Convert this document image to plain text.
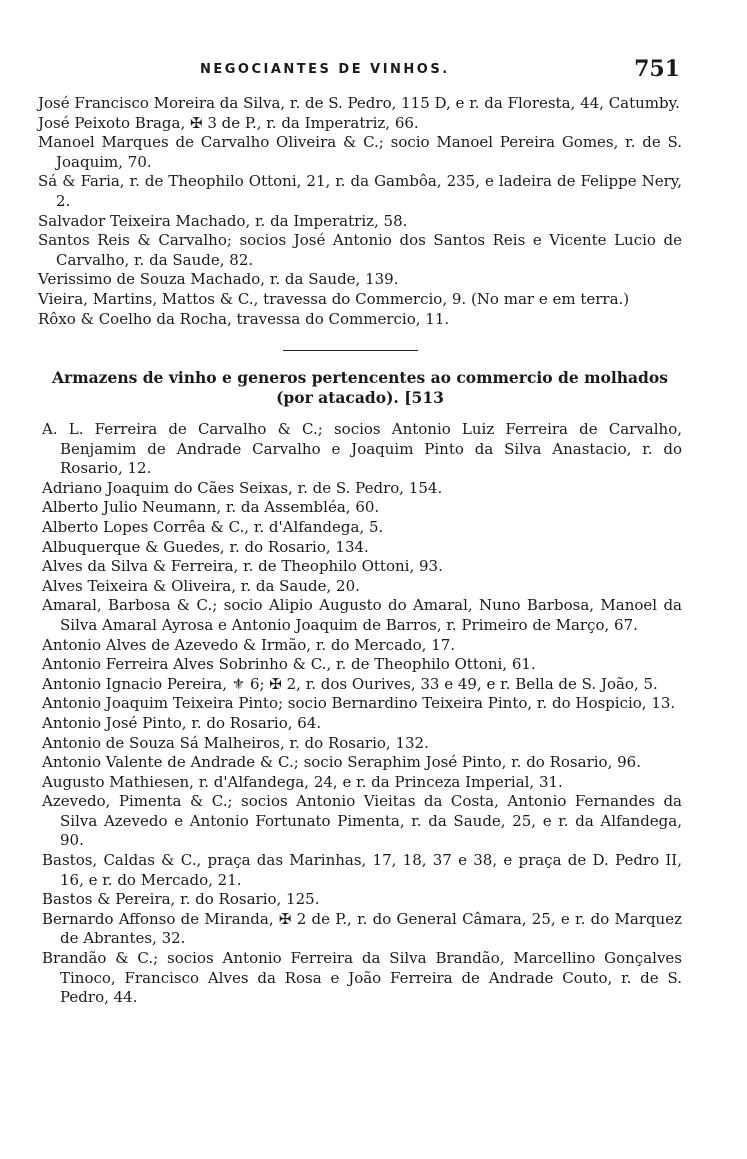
NEGOCIANTES DE VINHOS.	751

José Francisco Moreira da Silva, r. de S. Pedro, 115 D, e r. da Floresta, 44, Catumby.

José Peixoto Braga, ✠ 3 de P., r. da Imperatriz, 66.

Manoel Marques de Carvalho Oliveira & C.; socio Manoel Pereira Gomes, r. de S. Joaquim, 70.

Sá & Faria, r. de Theophilo Ottoni, 21, r. da Gambôa, 235, e ladeira de Felippe Nery, 2.

Salvador Teixeira Machado, r. da Imperatriz, 58.

Santos Reis & Carvalho; socios José Antonio dos Santos Reis e Vicente Lucio de Carvalho, r. da Saude, 82.

Verissimo de Souza Machado, r. da Saude, 139.

Vieira, Martins, Mattos & C., travessa do Commercio, 9. (No mar e em terra.)

Rôxo & Coelho da Rocha, travessa do Commercio, 11.

Armazens de vinho e generos pertencentes ao commercio de molhados
(por atacado). [513

A. L. Ferreira de Carvalho & C.; socios Antonio Luiz Ferreira de Carvalho, Benjamim de Andrade Carvalho e Joaquim Pinto da Silva Anastacio, r. do Rosario, 12.

Adriano Joaquim do Cães Seixas, r. de S. Pedro, 154.

Alberto Julio Neumann, r. da Assembléa, 60.

Alberto Lopes Corrêa & C., r. d'Alfandega, 5.

Albuquerque & Guedes, r. do Rosario, 134.

Alves da Silva & Ferreira, r. de Theophilo Ottoni, 93.

Alves Teixeira & Oliveira, r. da Saude, 20.

Amaral, Barbosa & C.; socio Alipio Augusto do Amaral, Nuno Barbosa, Manoel da Silva Amaral Ayrosa e Antonio Joaquim de Barros, r. Primeiro de Março, 67.

Antonio Alves de Azevedo & Irmão, r. do Mercado, 17.

Antonio Ferreira Alves Sobrinho & C., r. de Theophilo Ottoni, 61.

Antonio Ignacio Pereira, ⚜ 6; ✠ 2, r. dos Ourives, 33 e 49, e r. Bella de S. João, 5.

Antonio Joaquim Teixeira Pinto; socio Bernardino Teixeira Pinto, r. do Hospicio, 13.

Antonio José Pinto, r. do Rosario, 64.

Antonio de Souza Sá Malheiros, r. do Rosario, 132.

Antonio Valente de Andrade & C.; socio Seraphim José Pinto, r. do Rosario, 96.

Augusto Mathiesen, r. d'Alfandega, 24, e r. da Princeza Imperial, 31.

Azevedo, Pimenta & C.; socios Antonio Vieitas da Costa, Antonio Fernandes da Silva Azevedo e Antonio Fortunato Pimenta, r. da Saude, 25, e r. da Alfandega, 90.

Bastos, Caldas & C., praça das Marinhas, 17, 18, 37 e 38, e praça de D. Pedro II, 16, e r. do Mercado, 21.

Bastos & Pereira, r. do Rosario, 125.

Bernardo Affonso de Miranda, ✠ 2 de P., r. do General Câmara, 25, e r. do Marquez de Abrantes, 32.

Brandão & C.; socios Antonio Ferreira da Silva Brandão, Marcellino Gonçalves Tinoco, Francisco Alves da Rosa e João Ferreira de Andrade Couto, r. de S. Pedro, 44.
